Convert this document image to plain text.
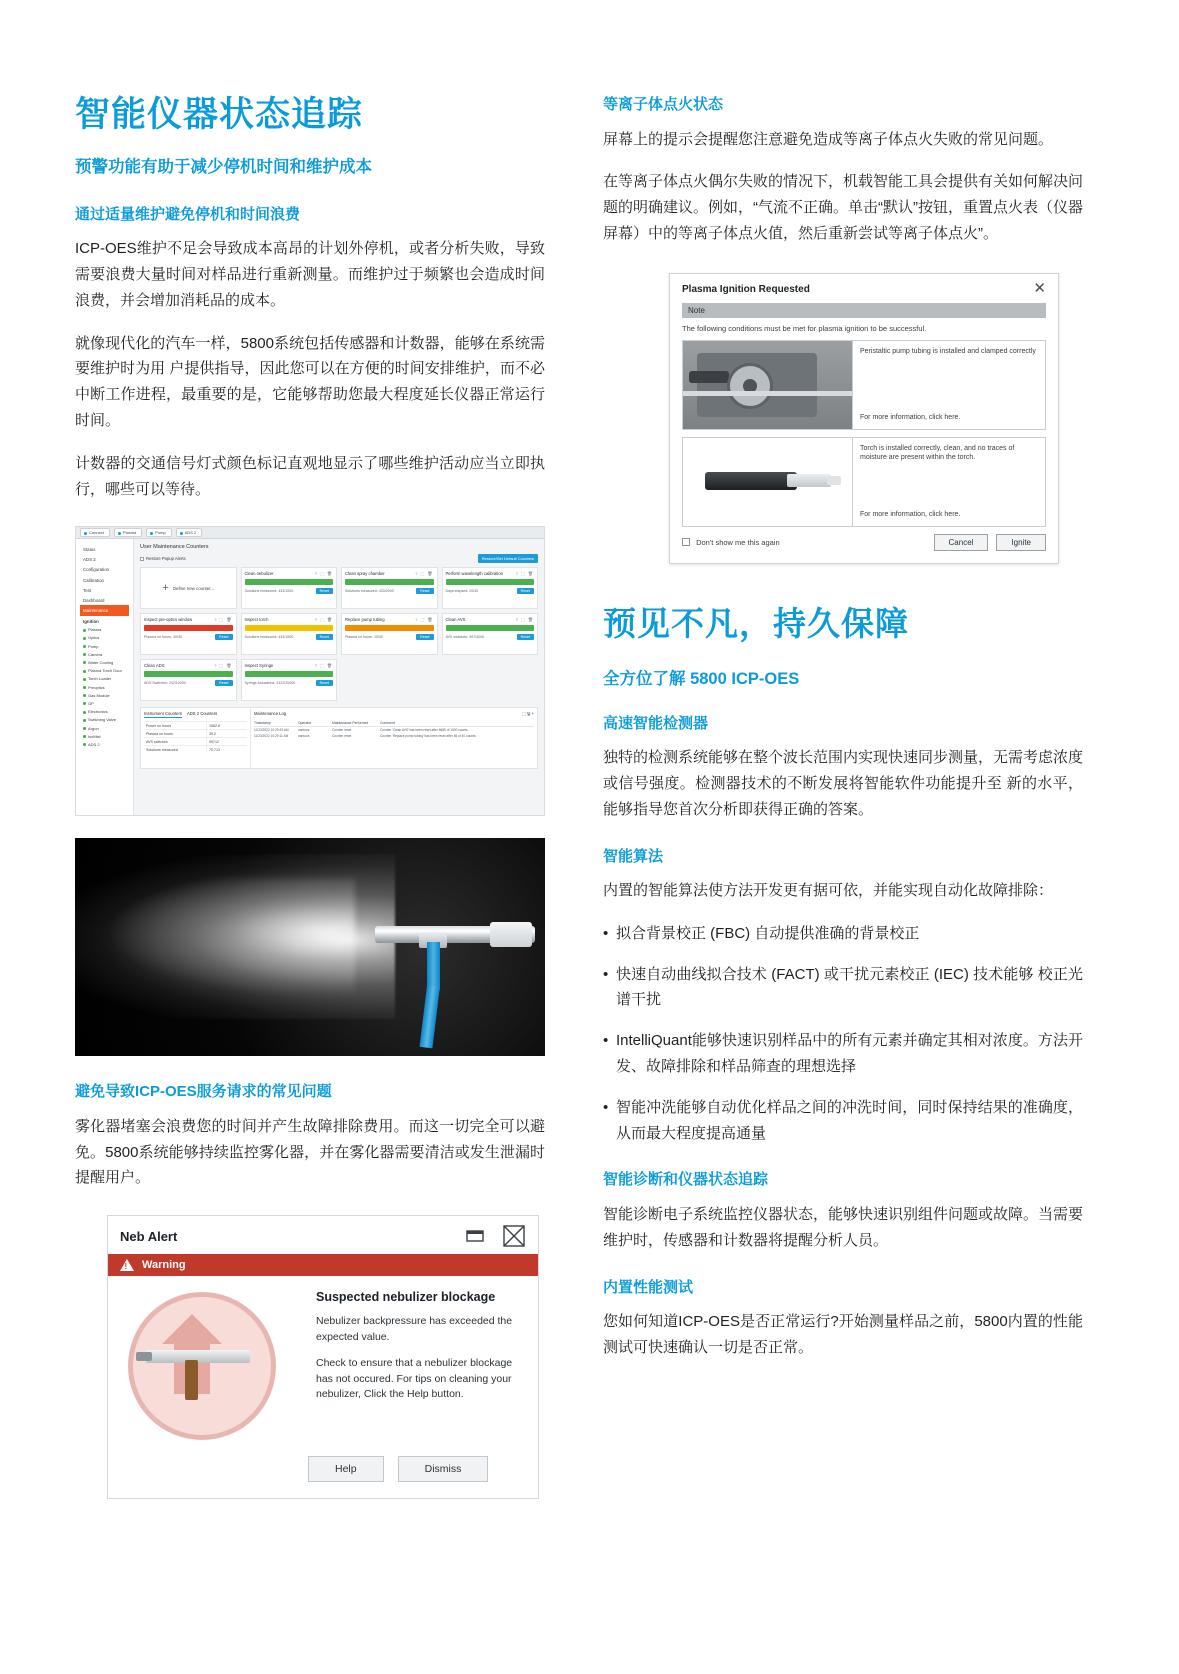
智能仪器状态追踪
预警功能有助于减少停机时间和维护成本
通过适量维护避免停机和时间浪费

ICP-OES维护不足会导致成本高昂的计划外停机，或者分析失败，导致需要浪费大量时间对样品进行重新测量。而维护过于频繁也会造成时间浪费，并会增加消耗品的成本。

就像现代化的汽车一样，5800系统包括传感器和计数器，能够在系统需要维护时为用 户提供指导，因此您可以在方便的时间安排维护，而不必中断工作进程，最重要的是，它能够帮助您最大程度延长仪器正常运行时间。

计数器的交通信号灯式颜色标记直观地显示了哪些维护活动应当立即执行，哪些可以等待。

Connect	Plasma	Pump	ADS 2
Status
ADS 2
Configuration
Calibration
Test
Dashboard
Maintenance
Ignition
Plasma
Optics
Pump
Camera
Water Cooling
Plasma Torch Door
Torch Loader
Preoptics
Gas Module
GP
Electronics
Switching Valve
Argon
IsoMist
ADS 2
User Maintenance Counters
Restore Popup Alerts	Restore/Set Default Counters
+ Define new counter...
? ⬚ 🗑
Clean nebulizer
Solutions measured: 433/1000	Reset
? ⬚ 🗑
Clean spray chamber
Solutions measured: 433/2000	Reset
? ⬚ 🗑
Perform wavelength calibration
Days elapsed: 20/30	Reset
? ⬚ 🗑
Inspect pre-optics window
Plasma on hours: 39/40	Reset
? ⬚ 🗑
Inspect torch
Solutions measured: 433/1000	Reset
? ⬚ 🗑
Replace pump tubing
Plasma on hours: 10/40	Reset
? ⬚ 🗑
Clean AVS
AVS switches: 997/4000	Reset
? ⬚ 🗑
Clean ADS
ADS Switches: 242/10000	Reset
? ⬚ 🗑
Inspect Syringe
Syringe Actuations: 4322/20000	Reset
Instrument Counters ADS 2 Counters
Power on hours	1582.8
Plasma on hours	39.2
AVS switches	99712
Solutions measured	70,713
Maintenance Log	⬚ 🖫 +
Timestamp	Operator	Maintenance Performed	Comment
11/23/2022 10:29:43 AM	nantova	Counter reset	Counter 'Clean AVS' has been reset after 6685 of 1000 counts.
11/23/2022 10:29:11 AM	nantova	Counter reset	Counter 'Replace pump tubing' has been reset after 65 of 40 counts.
避免导致ICP-OES服务请求的常见问题

雾化器堵塞会浪费您的时间并产生故障排除费用。而这一切完全可以避免。5800系统能够持续监控雾化器，并在雾化器需要清洁或发生泄漏时提醒用户。

Neb Alert
!
Warning
Suspected nebulizer blockage

Nebulizer backpressure has exceeded the expected value.

Check to ensure that a nebulizer blockage has not occured. For tips on cleaning your nebulizer, Click the Help button.

Help	Dismiss
等离子体点火状态

屏幕上的提示会提醒您注意避免造成等离子体点火失败的常见问题。

在等离子体点火偶尔失败的情况下，机载智能工具会提供有关如何解决问题的明确建议。例如，“气流不正确。单击“默认”按钮，重置点火表（仪器屏幕）中的等离子体点火值，然后重新尝试等离子体点火”。

✕
Plasma Ignition Requested
Note
The following conditions must be met for plasma ignition to be successful.
Peristaltic pump tubing is installed and clamped correctly
For more information, click here.
Torch is installed correctly, clean, and no traces of moisture are present within the torch.
For more information, click here.
Don't show me this again	Cancel	Ignite
预见不凡，持久保障
全方位了解 5800 ICP-OES
高速智能检测器

独特的检测系统能够在整个波长范围内实现快速同步测量，无需考虑浓度或信号强度。检测器技术的不断发展将智能软件功能提升至 新的水平，能够指导您首次分析即获得正确的答案。

智能算法

内置的智能算法使方法开发更有据可依，并能实现自动化故障排除：

• 拟合背景校正 (FBC) 自动提供准确的背景校正
• 快速自动曲线拟合技术 (FACT) 或干扰元素校正 (IEC) 技术能够 校正光谱干扰
• IntelliQuant能够快速识别样品中的所有元素并确定其相对浓度。方法开发、故障排除和样品筛查的理想选择
• 智能冲洗能够自动优化样品之间的冲洗时间，同时保持结果的准确度，从而最大程度提高通量
智能诊断和仪器状态追踪

智能诊断电子系统监控仪器状态，能够快速识别组件问题或故障。当需要维护时，传感器和计数器将提醒分析人员。

内置性能测试

您如何知道ICP-OES是否正常运行?开始测量样品之前，5800内置的性能测试可快速确认一切是否正常。
